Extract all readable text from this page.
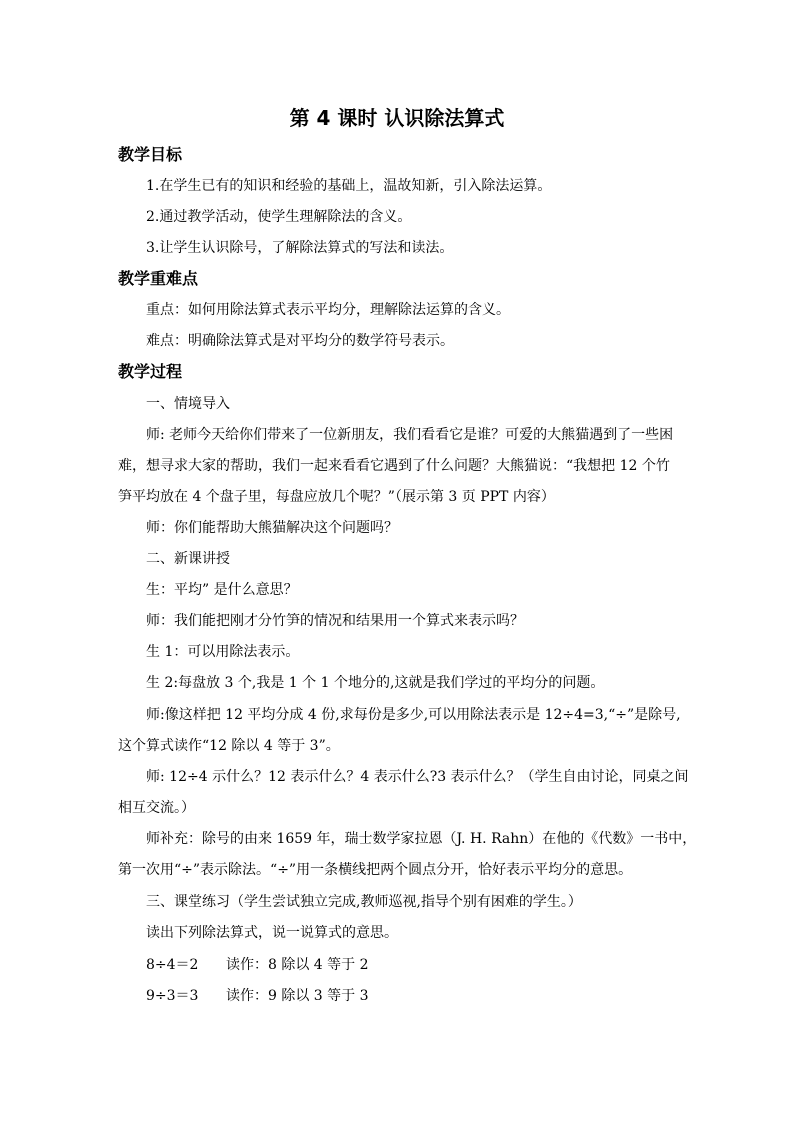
第 4 课时 认识除法算式
教学目标
1.在学生已有的知识和经验的基础上，温故知新，引入除法运算。
2.通过教学活动，使学生理解除法的含义。
3.让学生认识除号，了解除法算式的写法和读法。
教学重难点
重点：如何用除法算式表示平均分，理解除法运算的含义。
难点：明确除法算式是对平均分的数学符号表示。
教学过程
一、情境导入
师: 老师今天给你们带来了一位新朋友，我们看看它是谁？可爱的大熊猫遇到了一些困
难，想寻求大家的帮助，我们一起来看看它遇到了什么问题？大熊猫说：“我想把 12 个竹
笋平均放在 4 个盘子里，每盘应放几个呢？”（展示第 3 页 PPT 内容）
师：你们能帮助大熊猫解决这个问题吗？
二、新课讲授
生：平均” 是什么意思？
师：我们能把刚才分竹笋的情况和结果用一个算式来表示吗？
生 1：可以用除法表示。
生 2:每盘放 3 个,我是 1 个 1 个地分的,这就是我们学过的平均分的问题。
师:像这样把 12 平均分成 4 份,求每份是多少,可以用除法表示是 12÷4=3,“÷”是除号,
这个算式读作“12 除以 4 等于 3”。
师: 12÷4 示什么？12 表示什么？4 表示什么?3 表示什么？（学生自由讨论，同桌之间
相互交流。）
师补充：除号的由来 1659 年，瑞士数学家拉恩（J. H. Rahn）在他的《代数》一书中，
第一次用“÷”表示除法。“÷”用一条横线把两个圆点分开，恰好表示平均分的意思。
三、课堂练习（学生尝试独立完成,教师巡视,指导个别有困难的学生。）
读出下列除法算式，说一说算式的意思。
8÷4＝2 读作：8 除以 4 等于 2
9÷3＝3 读作：9 除以 3 等于 3
